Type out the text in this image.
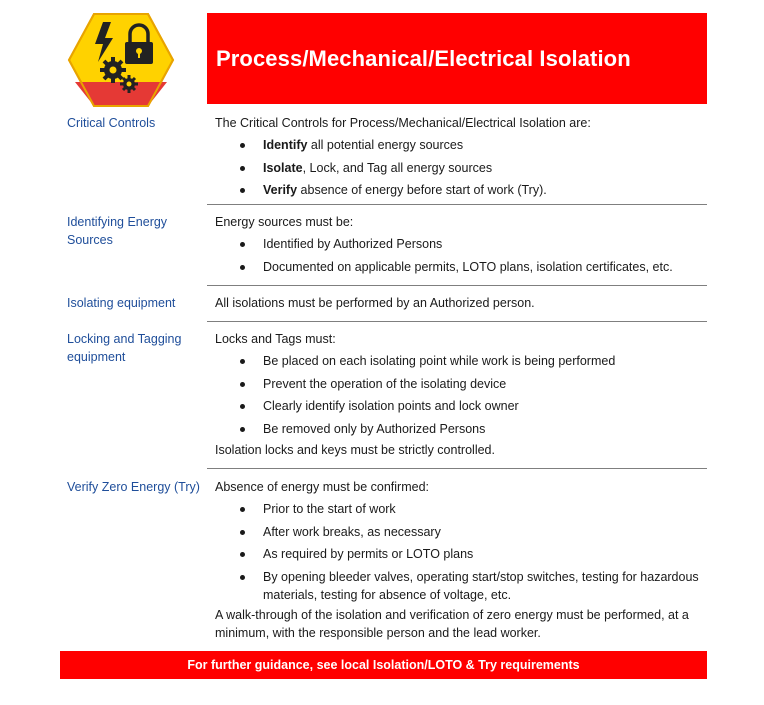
Process/Mechanical/Electrical Isolation
Critical Controls	The Critical Controls for Process/Mechanical/Electrical Isolation are:
Identify all potential energy sources
Isolate, Lock, and Tag all energy sources
Verify absence of energy before start of work (Try).
Identifying Energy Sources
Energy sources must be:
Identified by Authorized Persons
Documented on applicable permits, LOTO plans, isolation certificates, etc.
Isolating equipment	All isolations must be performed by an Authorized person.
Locking and Tagging equipment
Locks and Tags must:
Be placed on each isolating point while work is being performed
Prevent the operation of the isolating device
Clearly identify isolation points and lock owner
Be removed only by Authorized Persons
Isolation locks and keys must be strictly controlled.
Verify Zero Energy (Try) Absence of energy must be confirmed:
Prior to the start of work
After work breaks, as necessary
As required by permits or LOTO plans
By opening bleeder valves, operating start/stop switches, testing for hazardous materials, testing for absence of voltage, etc.
A walk-through of the isolation and verification of zero energy must be performed, at a minimum, with the responsible person and the lead worker.
For further guidance, see local Isolation/LOTO & Try requirements
